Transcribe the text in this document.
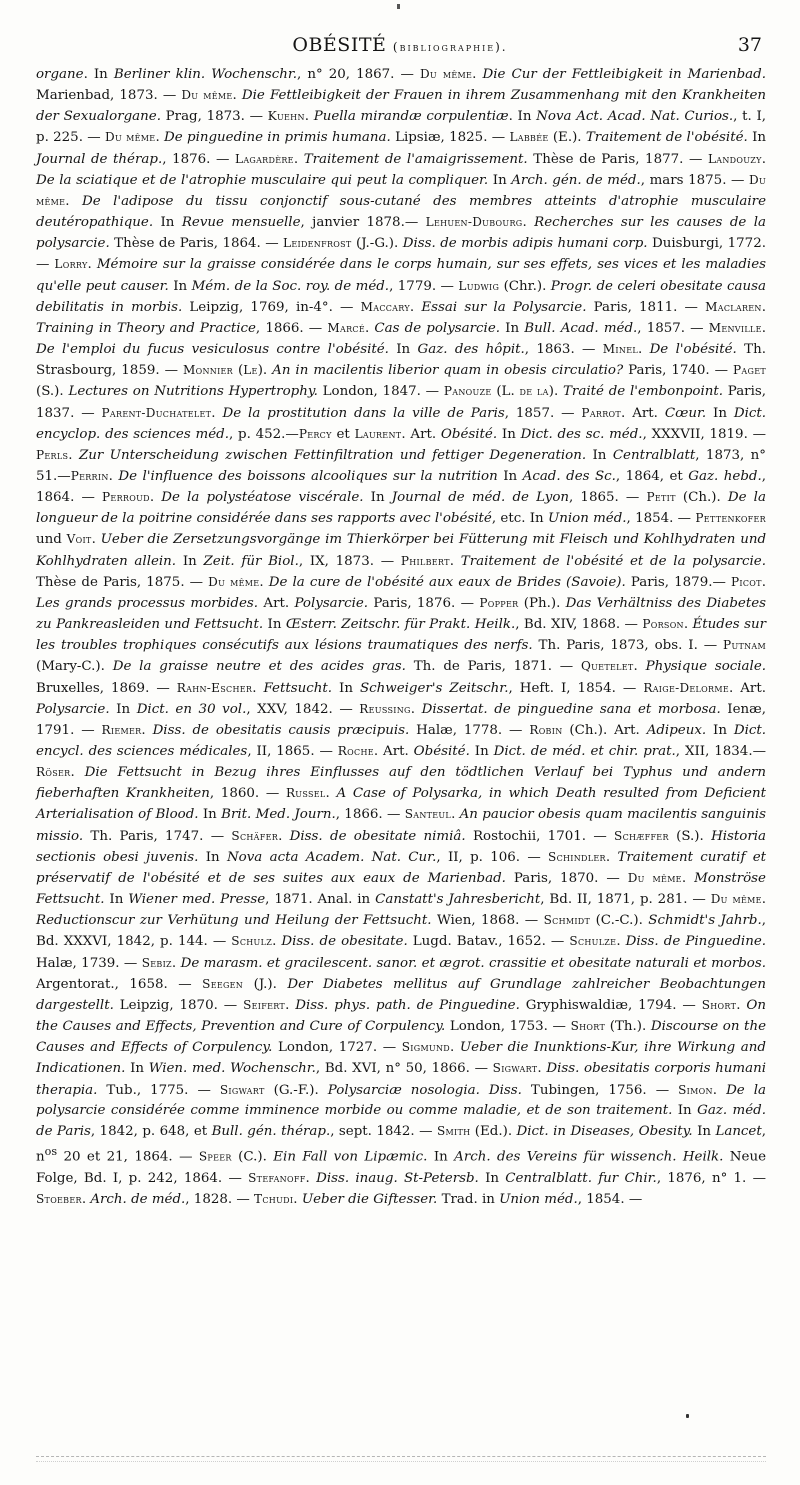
OBÉSITÉ (bibliographie).	37

organe. In Berliner klin. Wochenschr., n° 20, 1867. — Du même. Die Cur der Fettleibigkeit in Marienbad. Marienbad, 1873. — Du même. Die Fettleibigkeit der Frauen in ihrem Zusammenhang mit den Krankheiten der Sexualorgane. Prag, 1873. — Kuehn. Puella mirandæ corpulentiæ. In Nova Act. Acad. Nat. Curios., t. I, p. 225. — Du même. De pinguedine in primis humana. Lipsiæ, 1825. — Labbée (E.). Traitement de l'obésité. In Journal de thérap., 1876. — Lagardère. Traitement de l'amaigrissement. Thèse de Paris, 1877. — Landouzy. De la sciatique et de l'atrophie musculaire qui peut la compliquer. In Arch. gén. de méd., mars 1875. — Du même. De l'adipose du tissu conjonctif sous-cutané des membres atteints d'atrophie musculaire deutéropathique. In Revue mensuelle, janvier 1878.— Lehuen-Dubourg. Recherches sur les causes de la polysarcie. Thèse de Paris, 1864. — Leidenfrost (J.-G.). Diss. de morbis adipis humani corp. Duisburgi, 1772. — Lorry. Mémoire sur la graisse considérée dans le corps humain, sur ses effets, ses vices et les maladies qu'elle peut causer. In Mém. de la Soc. roy. de méd., 1779. — Ludwig (Chr.). Progr. de celeri obesitate causa debilitatis in morbis. Leipzig, 1769, in-4°. — Maccary. Essai sur la Polysarcie. Paris, 1811. — Maclaren. Training in Theory and Practice, 1866. — Marcé. Cas de polysarcie. In Bull. Acad. méd., 1857. — Menville. De l'emploi du fucus vesiculosus contre l'obésité. In Gaz. des hôpit., 1863. — Minel. De l'obésité. Th. Strasbourg, 1859. — Monnier (Le). An in macilentis liberior quam in obesis circulatio? Paris, 1740. — Paget (S.). Lectures on Nutritions Hypertrophy. London, 1847. — Panouze (L. de la). Traité de l'embonpoint. Paris, 1837. — Parent-Duchatelet. De la prostitution dans la ville de Paris, 1857. — Parrot. Art. Cœur. In Dict. encyclop. des sciences méd., p. 452.—Percy et Laurent. Art. Obésité. In Dict. des sc. méd., XXXVII, 1819. — Perls. Zur Unterscheidung zwischen Fettinfiltration und fettiger Degeneration. In Centralblatt, 1873, n° 51.—Perrin. De l'influence des boissons alcooliques sur la nutrition In Acad. des Sc., 1864, et Gaz. hebd., 1864. — Perroud. De la polystéatose viscérale. In Journal de méd. de Lyon, 1865. — Petit (Ch.). De la longueur de la poitrine considérée dans ses rapports avec l'obésité, etc. In Union méd., 1854. — Pettenkofer und Voit. Ueber die Zersetzungsvorgänge im Thierkörper bei Fütterung mit Fleisch und Kohlhydraten und Kohlhydraten allein. In Zeit. für Biol., IX, 1873. — Philbert. Traitement de l'obésité et de la polysarcie. Thèse de Paris, 1875. — Du même. De la cure de l'obésité aux eaux de Brides (Savoie). Paris, 1879.— Picot. Les grands processus morbides. Art. Polysarcie. Paris, 1876. — Popper (Ph.). Das Verhältniss des Diabetes zu Pankreasleiden und Fettsucht. In Œsterr. Zeitschr. für Prakt. Heilk., Bd. XIV, 1868. — Porson. Études sur les troubles trophiques consécutifs aux lésions traumatiques des nerfs. Th. Paris, 1873, obs. I. — Putnam (Mary-C.). De la graisse neutre et des acides gras. Th. de Paris, 1871. — Quetelet. Physique sociale. Bruxelles, 1869. — Rahn-Escher. Fettsucht. In Schweiger's Zeitschr., Heft. I, 1854. — Raige-Delorme. Art. Polysarcie. In Dict. en 30 vol., XXV, 1842. — Reussing. Dissertat. de pinguedine sana et morbosa. Ienæ, 1791. — Riemer. Diss. de obesitatis causis præcipuis. Halæ, 1778. — Robin (Ch.). Art. Adipeux. In Dict. encycl. des sciences médicales, II, 1865. — Roche. Art. Obésité. In Dict. de méd. et chir. prat., XII, 1834.— Röser. Die Fettsucht in Bezug ihres Einflusses auf den tödtlichen Verlauf bei Typhus und andern fieberhaften Krankheiten, 1860. — Russel. A Case of Polysarka, in which Death resulted from Deficient Arterialisation of Blood. In Brit. Med. Journ., 1866. — Santeul. An paucior obesis quam macilentis sanguinis missio. Th. Paris, 1747. — Schäfer. Diss. de obesitate nimiâ. Rostochii, 1701. — Schæffer (S.). Historia sectionis obesi juvenis. In Nova acta Academ. Nat. Cur., II, p. 106. — Schindler. Traitement curatif et préservatif de l'obésité et de ses suites aux eaux de Marienbad. Paris, 1870. — Du même. Monströse Fettsucht. In Wiener med. Presse, 1871. Anal. in Canstatt's Jahresbericht, Bd. II, 1871, p. 281. — Du même. Reductionscur zur Verhütung und Heilung der Fettsucht. Wien, 1868. — Schmidt (C.-C.). Schmidt's Jahrb., Bd. XXXVI, 1842, p. 144. — Schulz. Diss. de obesitate. Lugd. Batav., 1652. — Schulze. Diss. de Pinguedine. Halæ, 1739. — Sebiz. De marasm. et gracilescent. sanor. et ægrot. crassitie et obesitate naturali et morbos. Argentorat., 1658. — Seegen (J.). Der Diabetes mellitus auf Grundlage zahlreicher Beobachtungen dargestellt. Leipzig, 1870. — Seifert. Diss. phys. path. de Pinguedine. Gryphiswaldiæ, 1794. — Short. On the Causes and Effects, Prevention and Cure of Corpulency. London, 1753. — Short (Th.). Discourse on the Causes and Effects of Corpulency. London, 1727. — Sigmund. Ueber die Inunktions-Kur, ihre Wirkung and Indicationen. In Wien. med. Wochenschr., Bd. XVI, n° 50, 1866. — Sigwart. Diss. obesitatis corporis humani therapia. Tub., 1775. — Sigwart (G.-F.). Polysarciæ nosologia. Diss. Tubingen, 1756. — Simon. De la polysarcie considérée comme imminence morbide ou comme maladie, et de son traitement. In Gaz. méd. de Paris, 1842, p. 648, et Bull. gén. thérap., sept. 1842. — Smith (Ed.). Dict. in Diseases, Obesity. In Lancet, $n^{os}$ 20 et 21, 1864. — Speer (C.). Ein Fall von Lipæmic. In Arch. des Vereins für wissench. Heilk. Neue Folge, Bd. I, p. 242, 1864. — Stefanoff. Diss. inaug. St-Petersb. In Centralblatt. fur Chir., 1876, n° 1. — Stoeber. Arch. de méd., 1828. — Tchudi. Ueber die Giftesser. Trad. in Union méd., 1854. —
